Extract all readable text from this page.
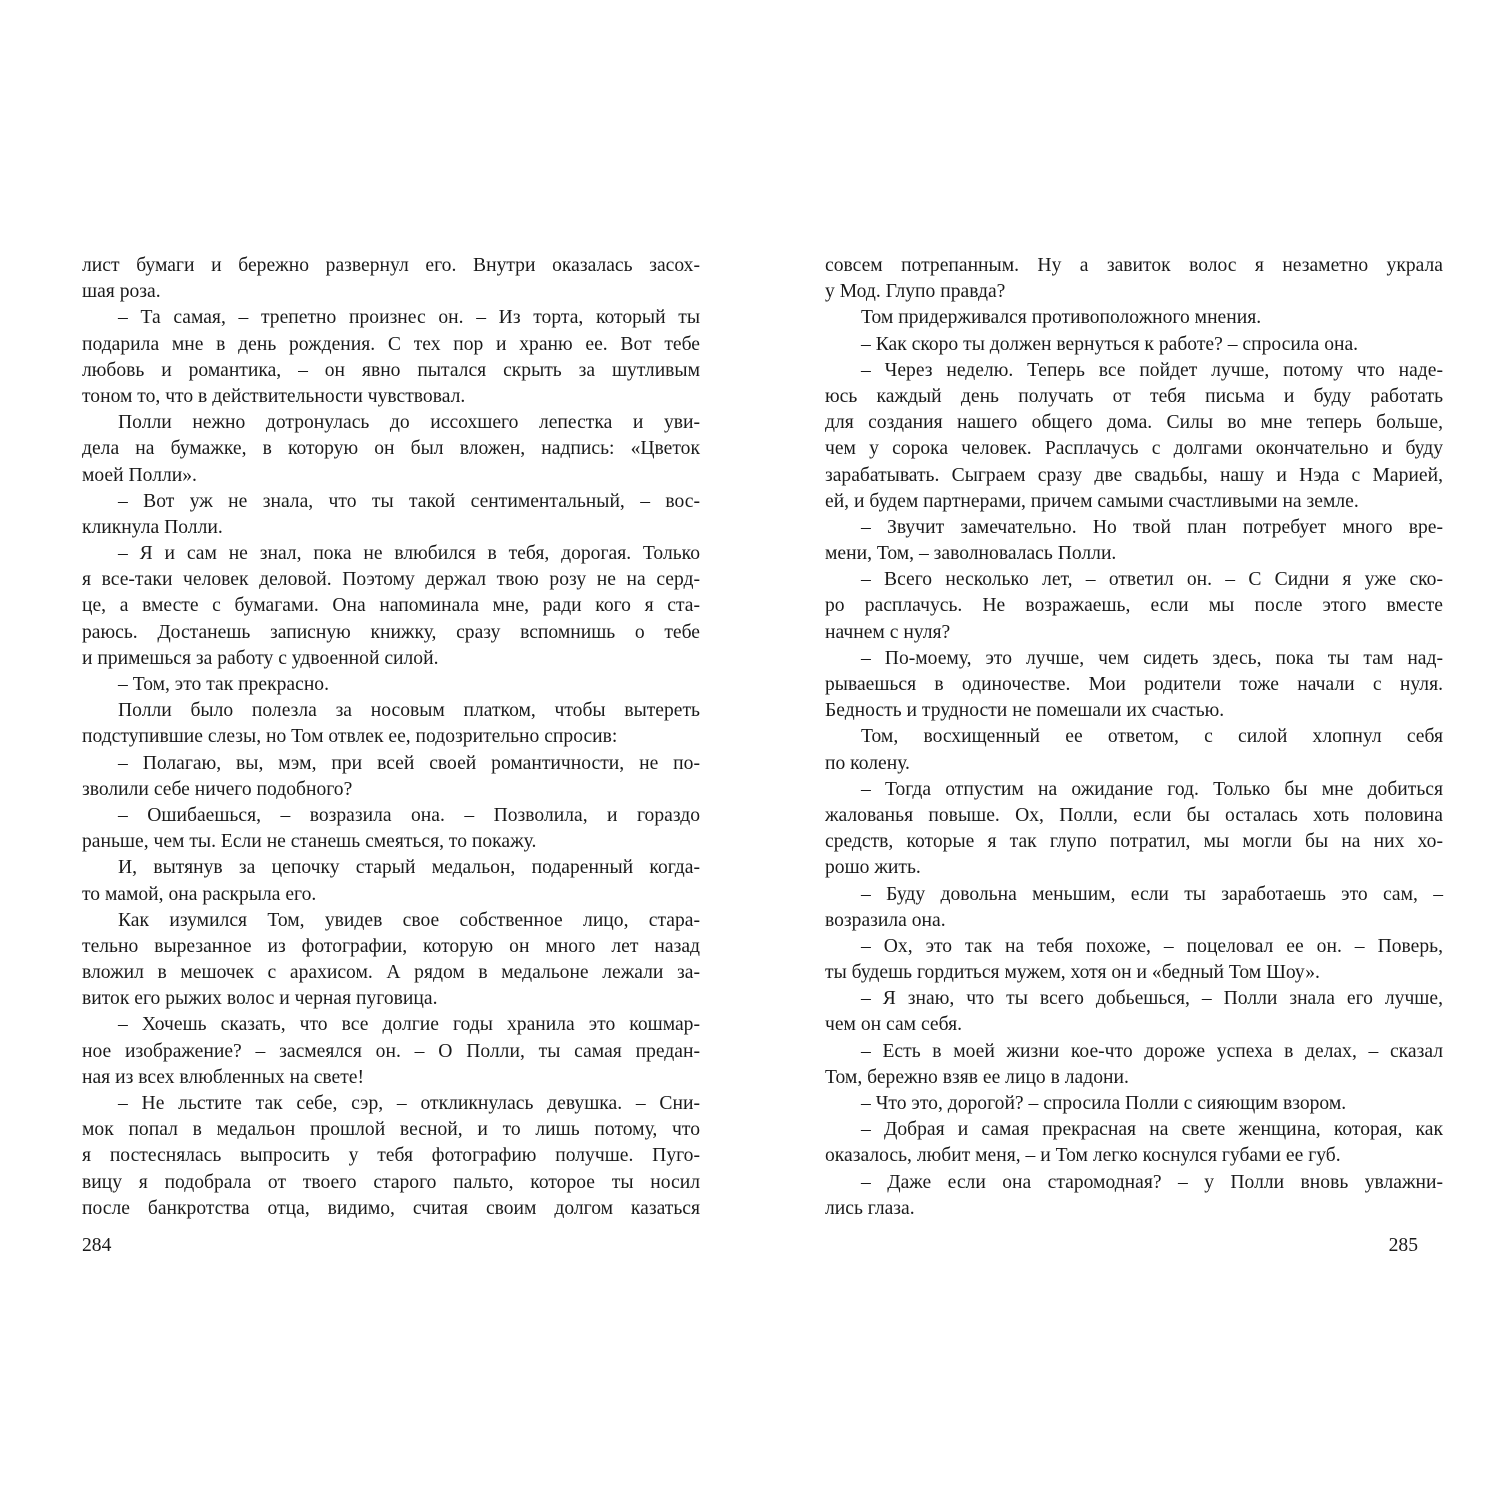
лист бумаги и бережно развернул его. Внутри оказалась засох-
шая роза.
– Та самая, – трепетно произнес он. – Из торта, который ты
подарила мне в день рождения. С тех пор и храню ее. Вот тебе
любовь и романтика, – он явно пытался скрыть за шутливым
тоном то, что в действительности чувствовал.
Полли нежно дотронулась до иссохшего лепестка и уви-
дела на бумажке, в которую он был вложен, надпись: «Цветок
моей Полли».
– Вот уж не знала, что ты такой сентиментальный, – вос-
кликнула Полли.
– Я и сам не знал, пока не влюбился в тебя, дорогая. Только
я все-таки человек деловой. Поэтому держал твою розу не на серд-
це, а вместе с бумагами. Она напоминала мне, ради кого я ста-
раюсь. Достанешь записную книжку, сразу вспомнишь о тебе
и примешься за работу с удвоенной силой.
– Том, это так прекрасно.
Полли было полезла за носовым платком, чтобы вытереть
подступившие слезы, но Том отвлек ее, подозрительно спросив:
– Полагаю, вы, мэм, при всей своей романтичности, не по-
зволили себе ничего подобного?
– Ошибаешься, – возразила она. – Позволила, и гораздо
раньше, чем ты. Если не станешь смеяться, то покажу.
И, вытянув за цепочку старый медальон, подаренный когда-
то мамой, она раскрыла его.
Как изумился Том, увидев свое собственное лицо, стара-
тельно вырезанное из фотографии, которую он много лет назад
вложил в мешочек с арахисом. А рядом в медальоне лежали за-
виток его рыжих волос и черная пуговица.
– Хочешь сказать, что все долгие годы хранила это кошмар-
ное изображение? – засмеялся он. – О Полли, ты самая предан-
ная из всех влюбленных на свете!
– Не льстите так себе, сэр, – откликнулась девушка. – Сни-
мок попал в медальон прошлой весной, и то лишь потому, что
я постеснялась выпросить у тебя фотографию получше. Пуго-
вицу я подобрала от твоего старого пальто, которое ты носил
после банкротства отца, видимо, считая своим долгом казаться
284
совсем потрепанным. Ну а завиток волос я незаметно украла
у Мод. Глупо правда?
Том придерживался противоположного мнения.
– Как скоро ты должен вернуться к работе? – спросила она.
– Через неделю. Теперь все пойдет лучше, потому что наде-
юсь каждый день получать от тебя письма и буду работать
для создания нашего общего дома. Силы во мне теперь больше,
чем у сорока человек. Расплачусь с долгами окончательно и буду
зарабатывать. Сыграем сразу две свадьбы, нашу и Нэда с Марией,
ей, и будем партнерами, причем самыми счастливыми на земле.
– Звучит замечательно. Но твой план потребует много вре-
мени, Том, – заволновалась Полли.
– Всего несколько лет, – ответил он. – С Сидни я уже ско-
ро расплачусь. Не возражаешь, если мы после этого вместе
начнем с нуля?
– По-моему, это лучше, чем сидеть здесь, пока ты там над-
рываешься в одиночестве. Мои родители тоже начали с нуля.
Бедность и трудности не помешали их счастью.
Том, восхищенный ее ответом, с силой хлопнул себя
по колену.
– Тогда отпустим на ожидание год. Только бы мне добиться
жалованья повыше. Ох, Полли, если бы осталась хоть половина
средств, которые я так глупо потратил, мы могли бы на них хо-
рошо жить.
– Буду довольна меньшим, если ты заработаешь это сам, –
возразила она.
– Ох, это так на тебя похоже, – поцеловал ее он. – Поверь,
ты будешь гордиться мужем, хотя он и «бедный Том Шоу».
– Я знаю, что ты всего добьешься, – Полли знала его лучше,
чем он сам себя.
– Есть в моей жизни кое-что дороже успеха в делах, – сказал
Том, бережно взяв ее лицо в ладони.
– Что это, дорогой? – спросила Полли с сияющим взором.
– Добрая и самая прекрасная на свете женщина, которая, как
оказалось, любит меня, – и Том легко коснулся губами ее губ.
– Даже если она старомодная? – у Полли вновь увлажни-
лись глаза.
285
